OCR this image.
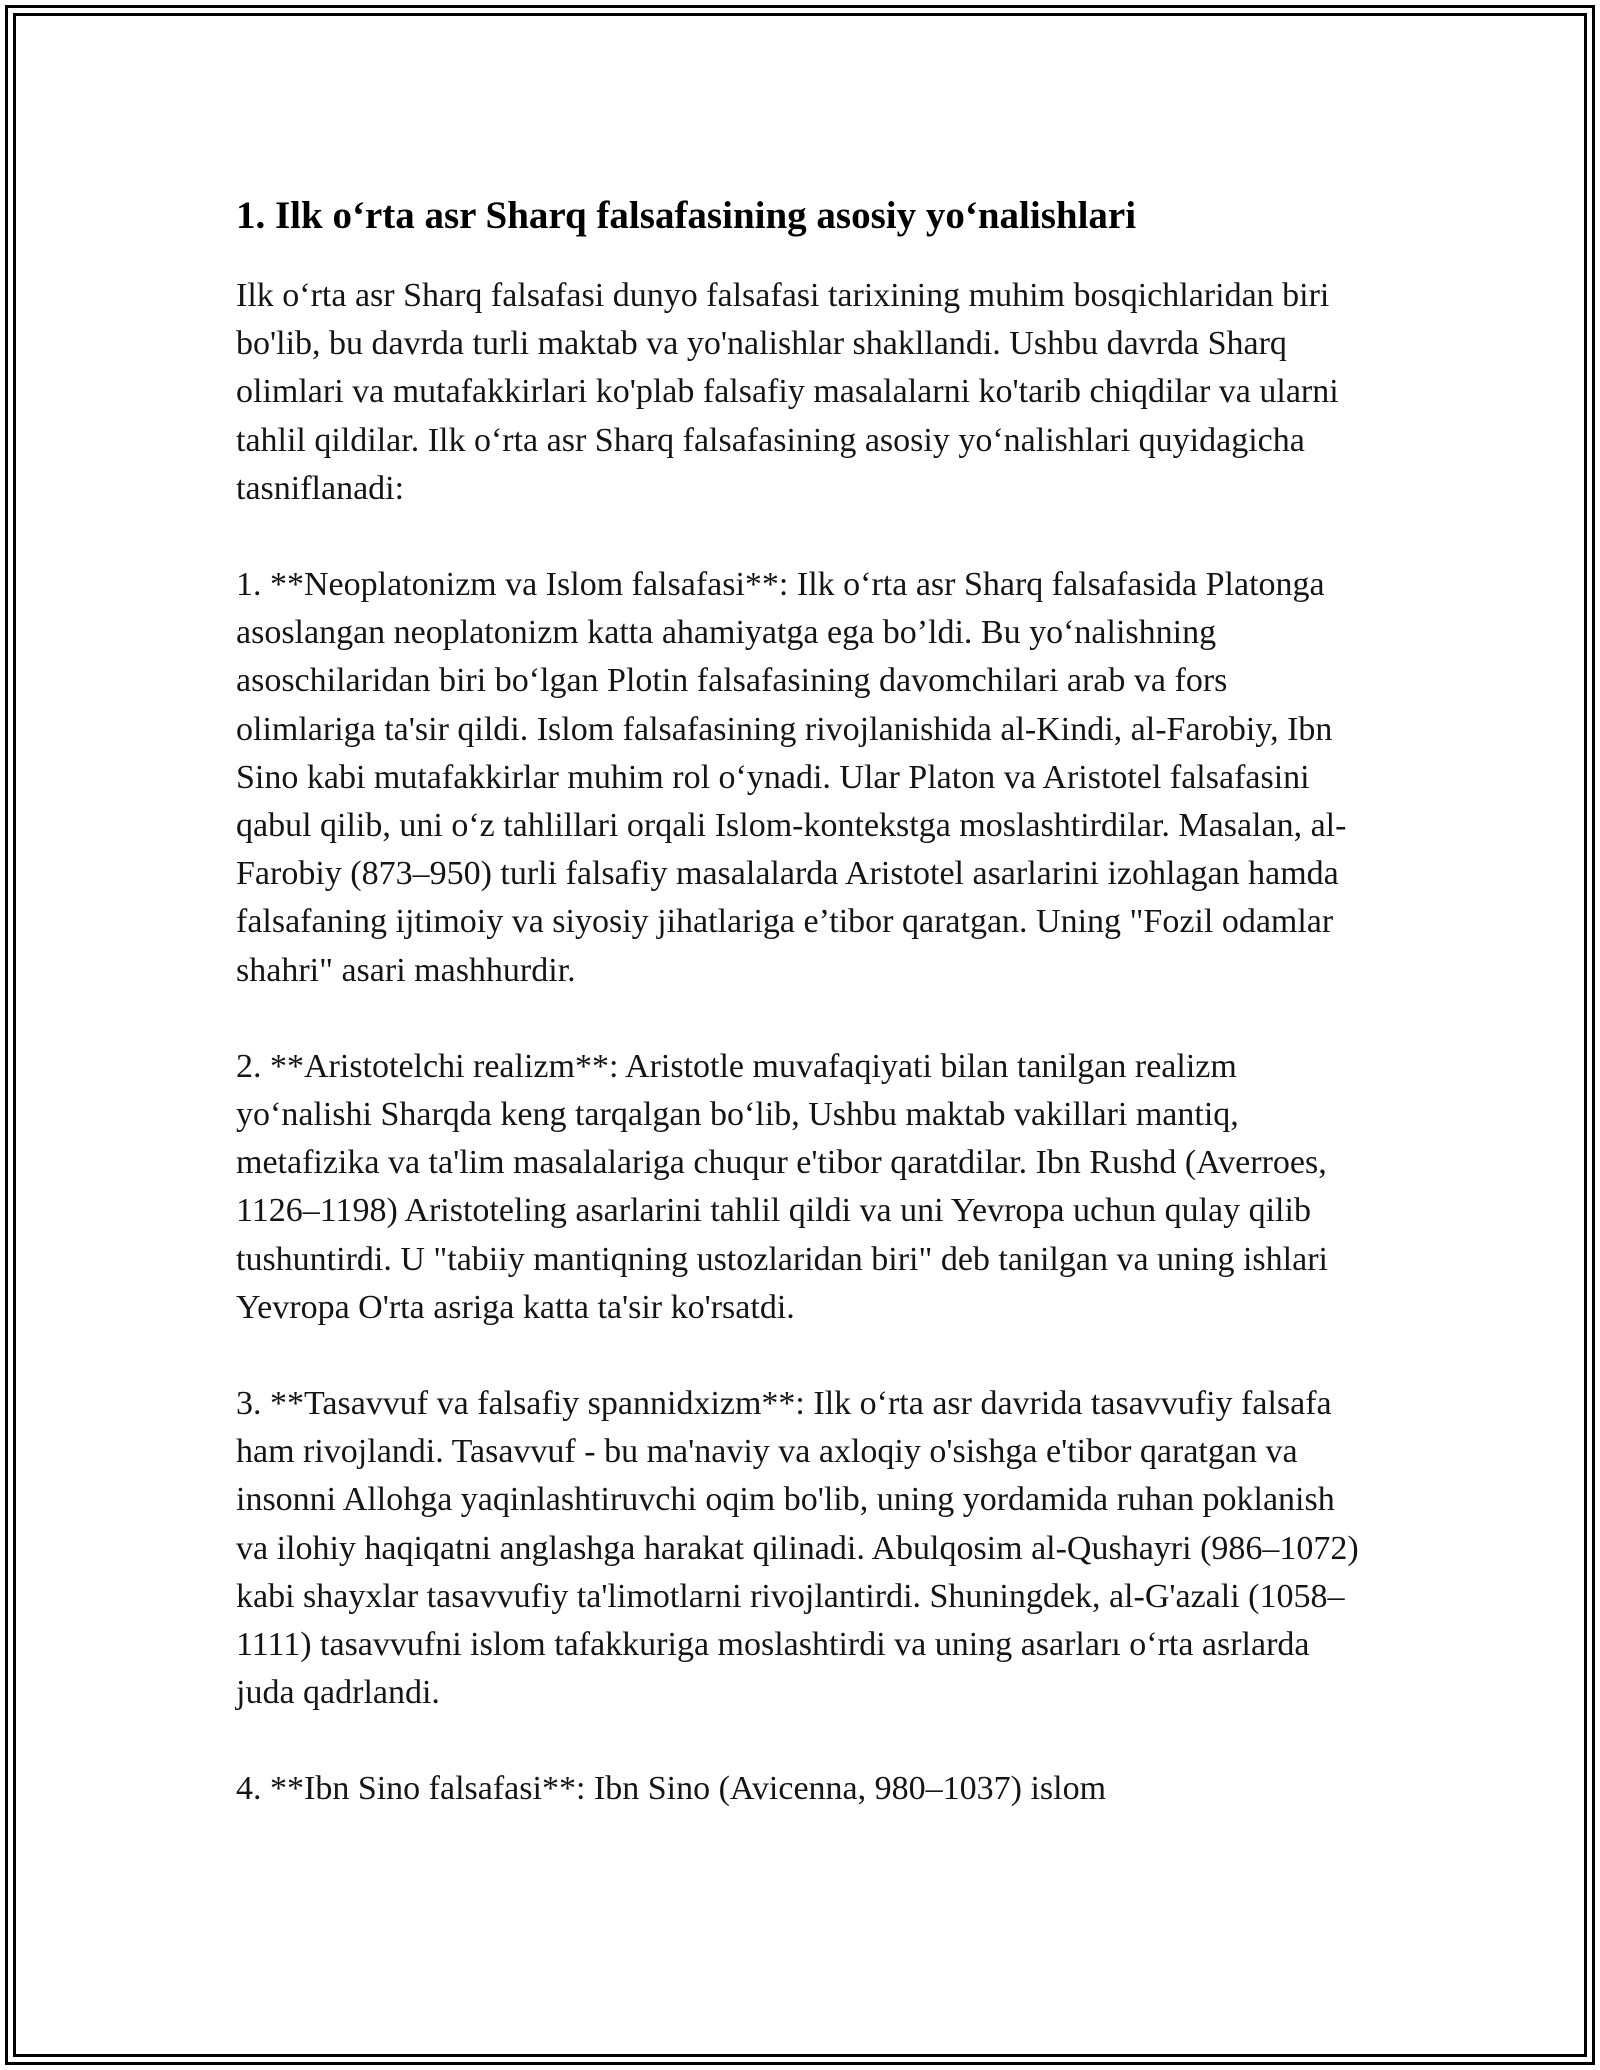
1. Ilk o‘rta asr Sharq falsafasining asosiy yo‘nalishlari

Ilk o‘rta asr Sharq falsafasi dunyo falsafasi tarixining muhim bosqichlaridan biri bo'lib, bu davrda turli maktab va yo'nalishlar shakllandi. Ushbu davrda Sharq olimlari va mutafakkirlari ko'plab falsafiy masalalarni ko'tarib chiqdilar va ularni tahlil qildilar. Ilk o‘rta asr Sharq falsafasining asosiy yo‘nalishlari quyidagicha tasniflanadi:

1. **Neoplatonizm va Islom falsafasi**: Ilk o‘rta asr Sharq falsafasida Platonga asoslangan neoplatonizm katta ahamiyatga ega bo’ldi. Bu yo‘nalishning asoschilaridan biri bo‘lgan Plotin falsafasining davomchilari arab va fors olimlariga ta'sir qildi. Islom falsafasining rivojlanishida al-Kindi, al-Farobiy, Ibn Sino kabi mutafakkirlar muhim rol o‘ynadi. Ular Platon va Aristotel falsafasini qabul qilib, uni o‘z tahlillari orqali Islom-kontekstga moslashtirdilar. Masalan, al-Farobiy (873–950) turli falsafiy masalalarda Aristotel asarlarini izohlagan hamda falsafaning ijtimoiy va siyosiy jihatlariga e’tibor qaratgan. Uning "Fozil odamlar shahri" asari mashhurdir.

2. **Aristotelchi realizm**: Aristotle muvafaqiyati bilan tanilgan realizm yo‘nalishi Sharqda keng tarqalgan bo‘lib, Ushbu maktab vakillari mantiq, metafizika va ta'lim masalalariga chuqur e'tibor qaratdilar. Ibn Rushd (Averroes, 1126–1198) Aristoteling asarlarini tahlil qildi va uni Yevropa uchun qulay qilib tushuntirdi. U "tabiiy mantiqning ustozlaridan biri" deb tanilgan va uning ishlari Yevropa O'rta asriga katta ta'sir ko'rsatdi.

3. **Tasavvuf va falsafiy spannidxizm**: Ilk o‘rta asr davrida tasavvufiy falsafa ham rivojlandi. Tasavvuf - bu ma'naviy va axloqiy o'sishga e'tibor qaratgan va insonni Allohga yaqinlashtiruvchi oqim bo'lib, uning yordamida ruhan poklanish va ilohiy haqiqatni anglashga harakat qilinadi. Abulqosim al-Qushayri (986–1072) kabi shayxlar tasavvufiy ta'limotlarni rivojlantirdi. Shuningdek, al-G'azali (1058–1111) tasavvufni islom tafakkuriga moslashtirdi va uning asarları o‘rta asrlarda juda qadrlandi.

4. **Ibn Sino falsafasi**: Ibn Sino (Avicenna, 980–1037) islom
